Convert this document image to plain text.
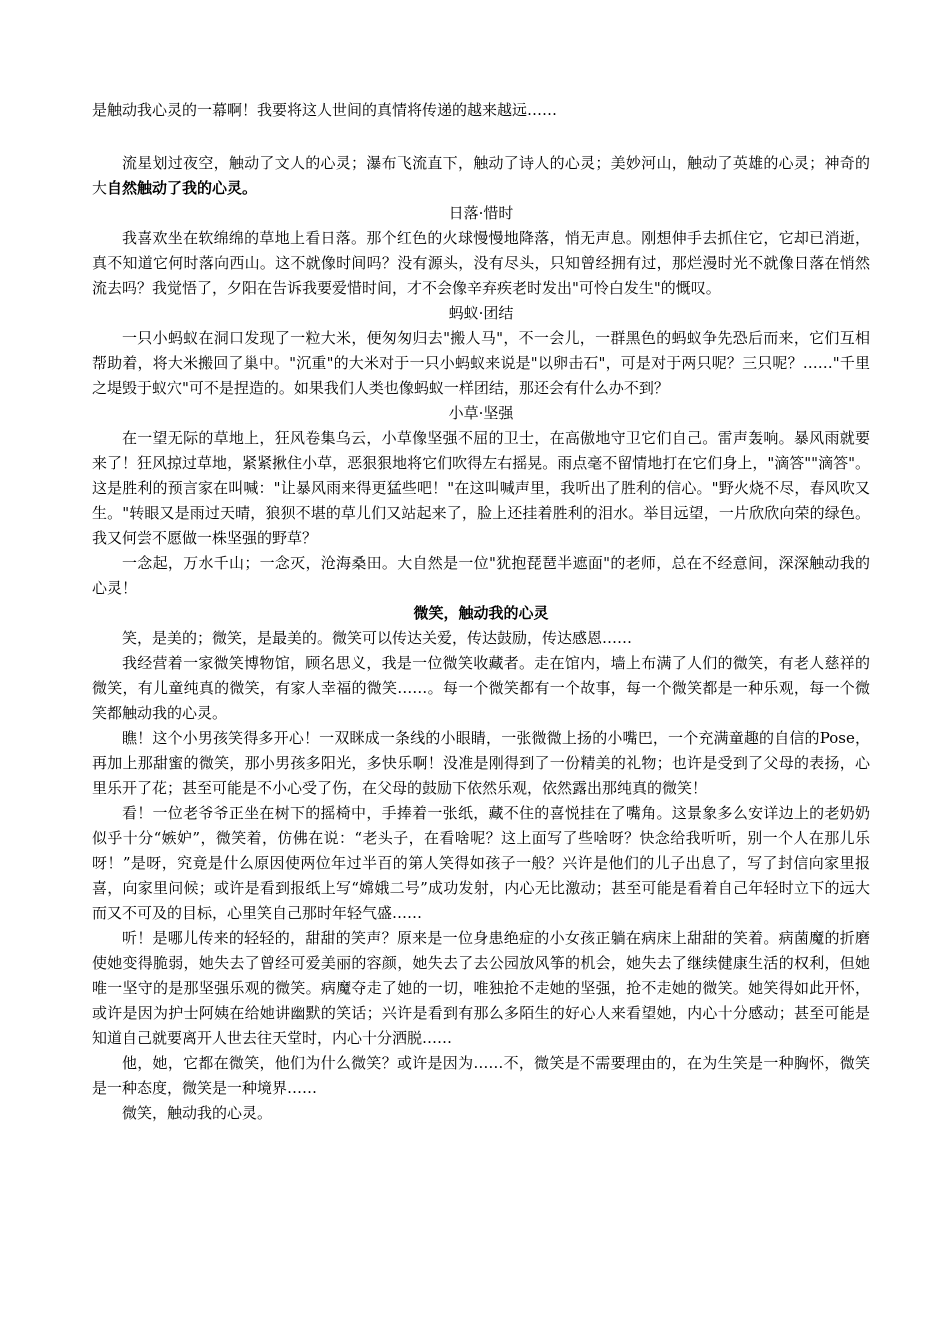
是触动我心灵的一幕啊！我要将这人世间的真情将传递的越来越远……

流星划过夜空，触动了文人的心灵；瀑布飞流直下，触动了诗人的心灵；美妙河山，触动了英雄的心灵；神奇的大自然触动了我的心灵。

日落·惜时

我喜欢坐在软绵绵的草地上看日落。那个红色的火球慢慢地降落，悄无声息。刚想伸手去抓住它，它却已消逝，真不知道它何时落向西山。这不就像时间吗？没有源头，没有尽头，只知曾经拥有过，那烂漫时光不就像日落在悄然流去吗？我觉悟了，夕阳在告诉我要爱惜时间，才不会像辛弃疾老时发出"可怜白发生"的慨叹。

蚂蚁·团结

一只小蚂蚁在洞口发现了一粒大米，便匆匆归去"搬人马"，不一会儿，一群黑色的蚂蚁争先恐后而来，它们互相帮助着，将大米搬回了巢中。"沉重"的大米对于一只小蚂蚁来说是"以卵击石"，可是对于两只呢？三只呢？……"千里之堤毁于蚁穴"可不是捏造的。如果我们人类也像蚂蚁一样团结，那还会有什么办不到？

小草·坚强

在一望无际的草地上，狂风卷集乌云，小草像坚强不屈的卫士，在高傲地守卫它们自己。雷声轰响。暴风雨就要来了！狂风掠过草地，紧紧揪住小草，恶狠狠地将它们吹得左右摇晃。雨点毫不留情地打在它们身上，"滴答""滴答"。这是胜利的预言家在叫喊："让暴风雨来得更猛些吧！"在这叫喊声里，我听出了胜利的信心。"野火烧不尽，春风吹又生。"转眼又是雨过天晴，狼狈不堪的草儿们又站起来了，脸上还挂着胜利的泪水。举目远望，一片欣欣向荣的绿色。我又何尝不愿做一株坚强的野草？

一念起，万水千山；一念灭，沧海桑田。大自然是一位"犹抱琵琶半遮面"的老师，总在不经意间，深深触动我的心灵！

微笑，触动我的心灵

笑，是美的；微笑，是最美的。微笑可以传达关爱，传达鼓励，传达感恩……

我经营着一家微笑博物馆，顾名思义，我是一位微笑收藏者。走在馆内，墙上布满了人们的微笑，有老人慈祥的微笑，有儿童纯真的微笑，有家人幸福的微笑……。每一个微笑都有一个故事，每一个微笑都是一种乐观，每一个微笑都触动我的心灵。

瞧！这个小男孩笑得多开心！一双眯成一条线的小眼睛，一张微微上扬的小嘴巴，一个充满童趣的自信的Pose，再加上那甜蜜的微笑，那小男孩多阳光，多快乐啊！没准是刚得到了一份精美的礼物；也许是受到了父母的表扬，心里乐开了花；甚至可能是不小心受了伤，在父母的鼓励下依然乐观，依然露出那纯真的微笑！

看！一位老爷爷正坐在树下的摇椅中，手捧着一张纸，藏不住的喜悦挂在了嘴角。这景象多么安详边上的老奶奶似乎十分“嫉妒”，微笑着，仿佛在说：“老头子，在看啥呢？这上面写了些啥呀？快念给我听听，别一个人在那儿乐呀！”是呀，究竟是什么原因使两位年过半百的第人笑得如孩子一般？兴许是他们的儿子出息了，写了封信向家里报喜，向家里问候；或许是看到报纸上写“嫦娥二号”成功发射，内心无比激动；甚至可能是看着自己年轻时立下的远大而又不可及的目标，心里笑自己那时年轻气盛……

听！是哪儿传来的轻轻的，甜甜的笑声？原来是一位身患绝症的小女孩正躺在病床上甜甜的笑着。病菌魔的折磨使她变得脆弱，她失去了曾经可爱美丽的容颜，她失去了去公园放风筝的机会，她失去了继续健康生活的权利，但她唯一坚守的是那坚强乐观的微笑。病魔夺走了她的一切，唯独抢不走她的坚强，抢不走她的微笑。她笑得如此开怀，或许是因为护士阿姨在给她讲幽默的笑话；兴许是看到有那么多陌生的好心人来看望她，内心十分感动；甚至可能是知道自己就要离开人世去往天堂时，内心十分洒脱……

他，她，它都在微笑，他们为什么微笑？或许是因为……不，微笑是不需要理由的，在为生笑是一种胸怀，微笑是一种态度，微笑是一种境界……

微笑，触动我的心灵。
